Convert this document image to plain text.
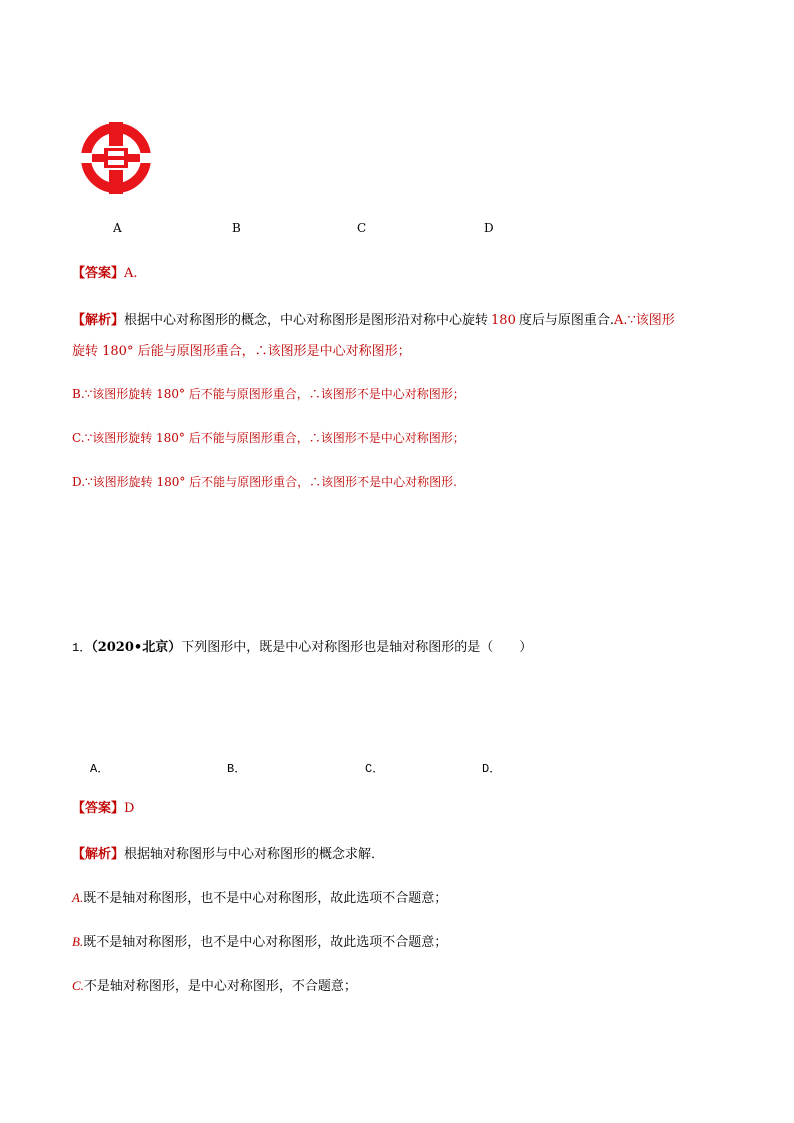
A	B	C	D
【答案】A.
【解析】根据中心对称图形的概念，中心对称图形是图形沿对称中心旋转 180 度后与原图重合.A.∵该图形
旋转 180° 后能与原图形重合，∴该图形是中心对称图形；
B.∵该图形旋转 180° 后不能与原图形重合，∴该图形不是中心对称图形；
C.∵该图形旋转 180° 后不能与原图形重合，∴该图形不是中心对称图形；
D.∵该图形旋转 180° 后不能与原图形重合，∴该图形不是中心对称图形.
1．（2020•北京）下列图形中，既是中心对称图形也是轴对称图形的是（　　）
A．	B．	C．	D．
【答案】D
【解析】根据轴对称图形与中心对称图形的概念求解．
A.既不是轴对称图形，也不是中心对称图形，故此选项不合题意；
B.既不是轴对称图形，也不是中心对称图形，故此选项不合题意；
C.不是轴对称图形，是中心对称图形，不合题意；
